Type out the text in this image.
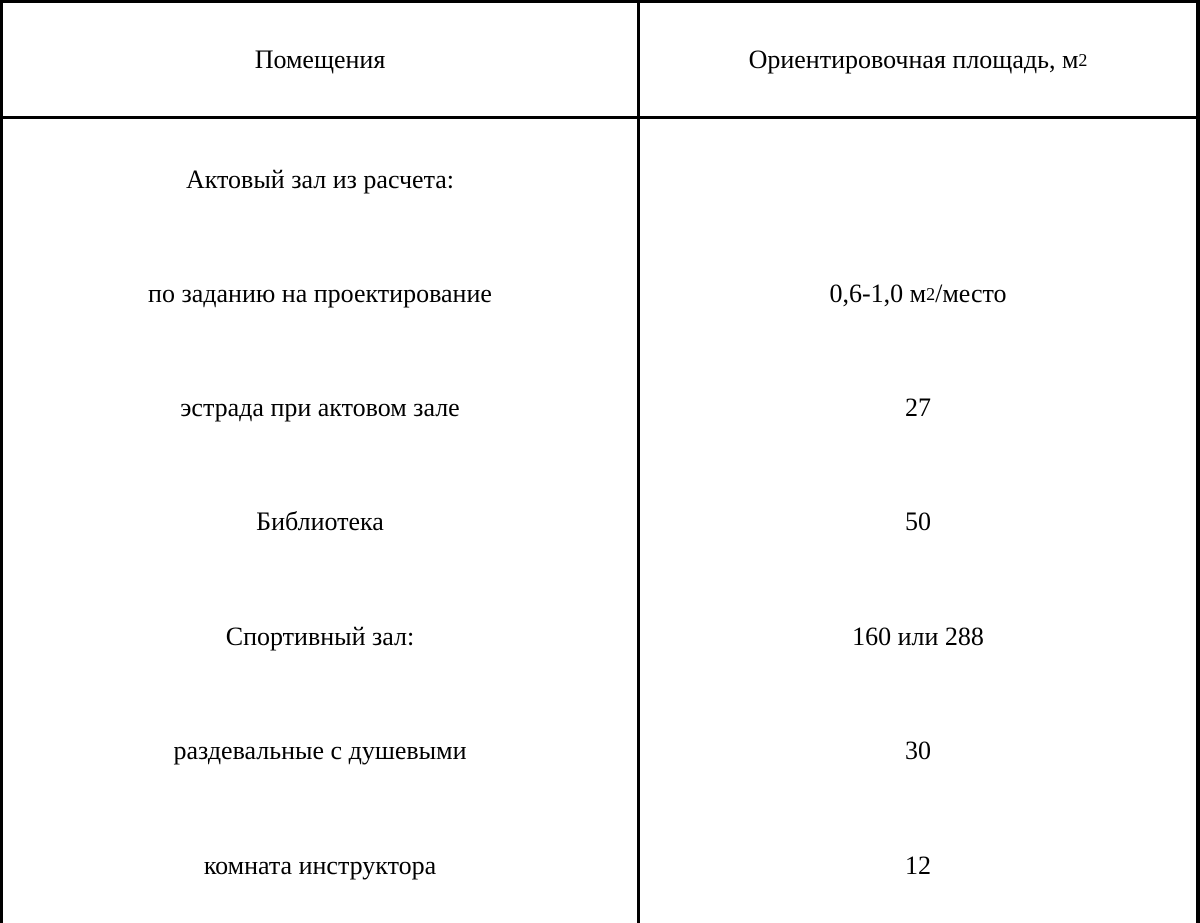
Помещения	Ориентировочная площадь, м 2
Актовый зал из расчета:
по заданию на проектирование	0,6-1,0 м 2 /место
эстрада при актовом зале	27
Библиотека	50
Спортивный зал:	160 или 288
раздевальные с душевыми	30
комната инструктора	12
